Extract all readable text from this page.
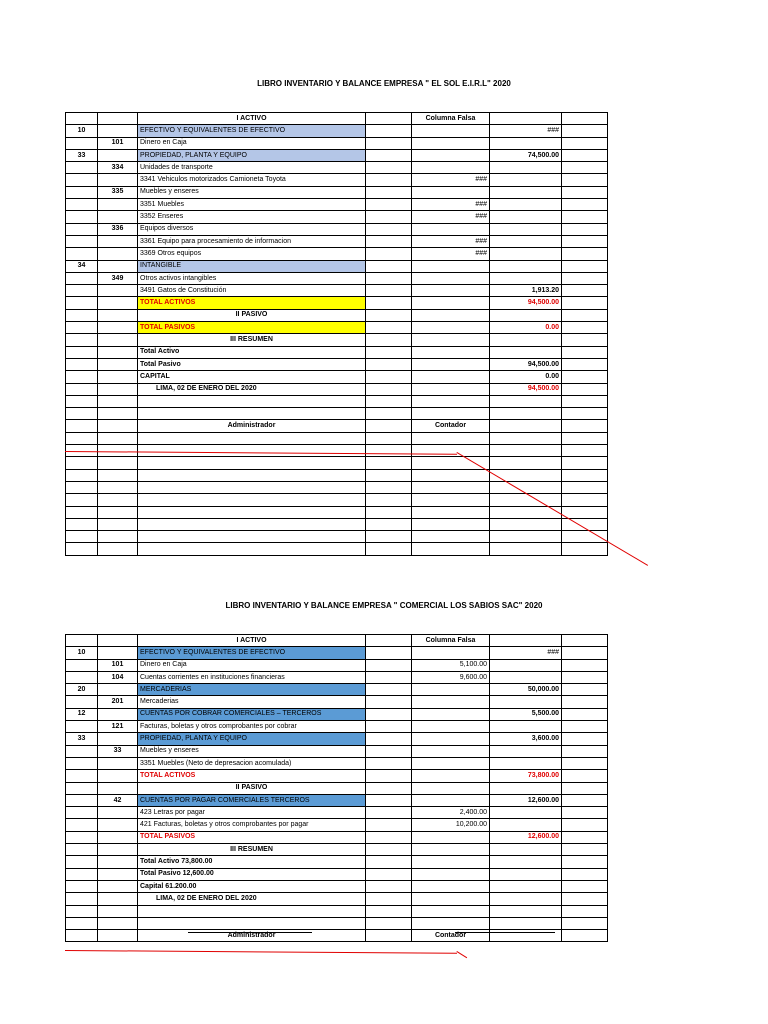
LIBRO INVENTARIO Y BALANCE EMPRESA " EL SOL E.I.R.L" 2020
		I ACTIVO		Columna Falsa		
10		EFECTIVO Y EQUIVALENTES DE EFECTIVO			###	
	101	Dinero en Caja				
33		PROPIEDAD, PLANTA Y EQUIPO			74,500.00	
	334	Unidades de transporte				
		3341 Vehiculos motorizados Camioneta Toyota		###		
	335	Muebles y enseres				
		3351 Muebles		###		
		3352 Enseres		###		
	336	Equipos diversos				
		3361 Equipo para procesamiento de informacion		###		
		3369 Otros equipos		###		
34		INTANGIBLE				
	349	Otros activos intangibles				
		3491 Gatos de Constitución			1,913.20	
		TOTAL ACTIVOS			94,500.00	
		II PASIVO				
		TOTAL PASIVOS			0.00	
		III RESUMEN				
		Total Activo				
		Total Pasivo			94,500.00	
		CAPITAL			0.00	
		LIMA, 02 DE ENERO DEL 2020			94,500.00	

		Administrador		Contador		

LIBRO INVENTARIO Y BALANCE EMPRESA " COMERCIAL LOS SABIOS SAC" 2020
		I ACTIVO		Columna Falsa		
10		EFECTIVO Y EQUIVALENTES DE EFECTIVO			###	
	101	Dinero en Caja		5,100.00		
	104	Cuentas corrientes en instituciones financieras		9,600.00		
20		MERCADERIAS			50,000.00	
	201	Mercaderias				
12		CUENTAS POR COBRAR COMERCIALES – TERCEROS			5,500.00	
	121	Facturas, boletas y otros comprobantes por cobrar				
33		PROPIEDAD, PLANTA Y EQUIPO			3,600.00	
	33	Muebles y enseres				
		3351 Muebles (Neto de depresacion acomulada)				
		TOTAL ACTIVOS			73,800.00	
		II PASIVO				
	42	CUENTAS POR PAGAR COMERCIALES TERCEROS			12,600.00	
		423 Letras por pagar		2,400.00		
		421 Facturas, boletas y otros comprobantes por pagar		10,200.00		
		TOTAL PASIVOS			12,600.00	
		III RESUMEN				
		Total Activo 73,800.00				
		Total Pasivo 12,600.00				
		Capital 61.200.00				
		LIMA, 02 DE ENERO DEL 2020				

		Administrador		Contador		
